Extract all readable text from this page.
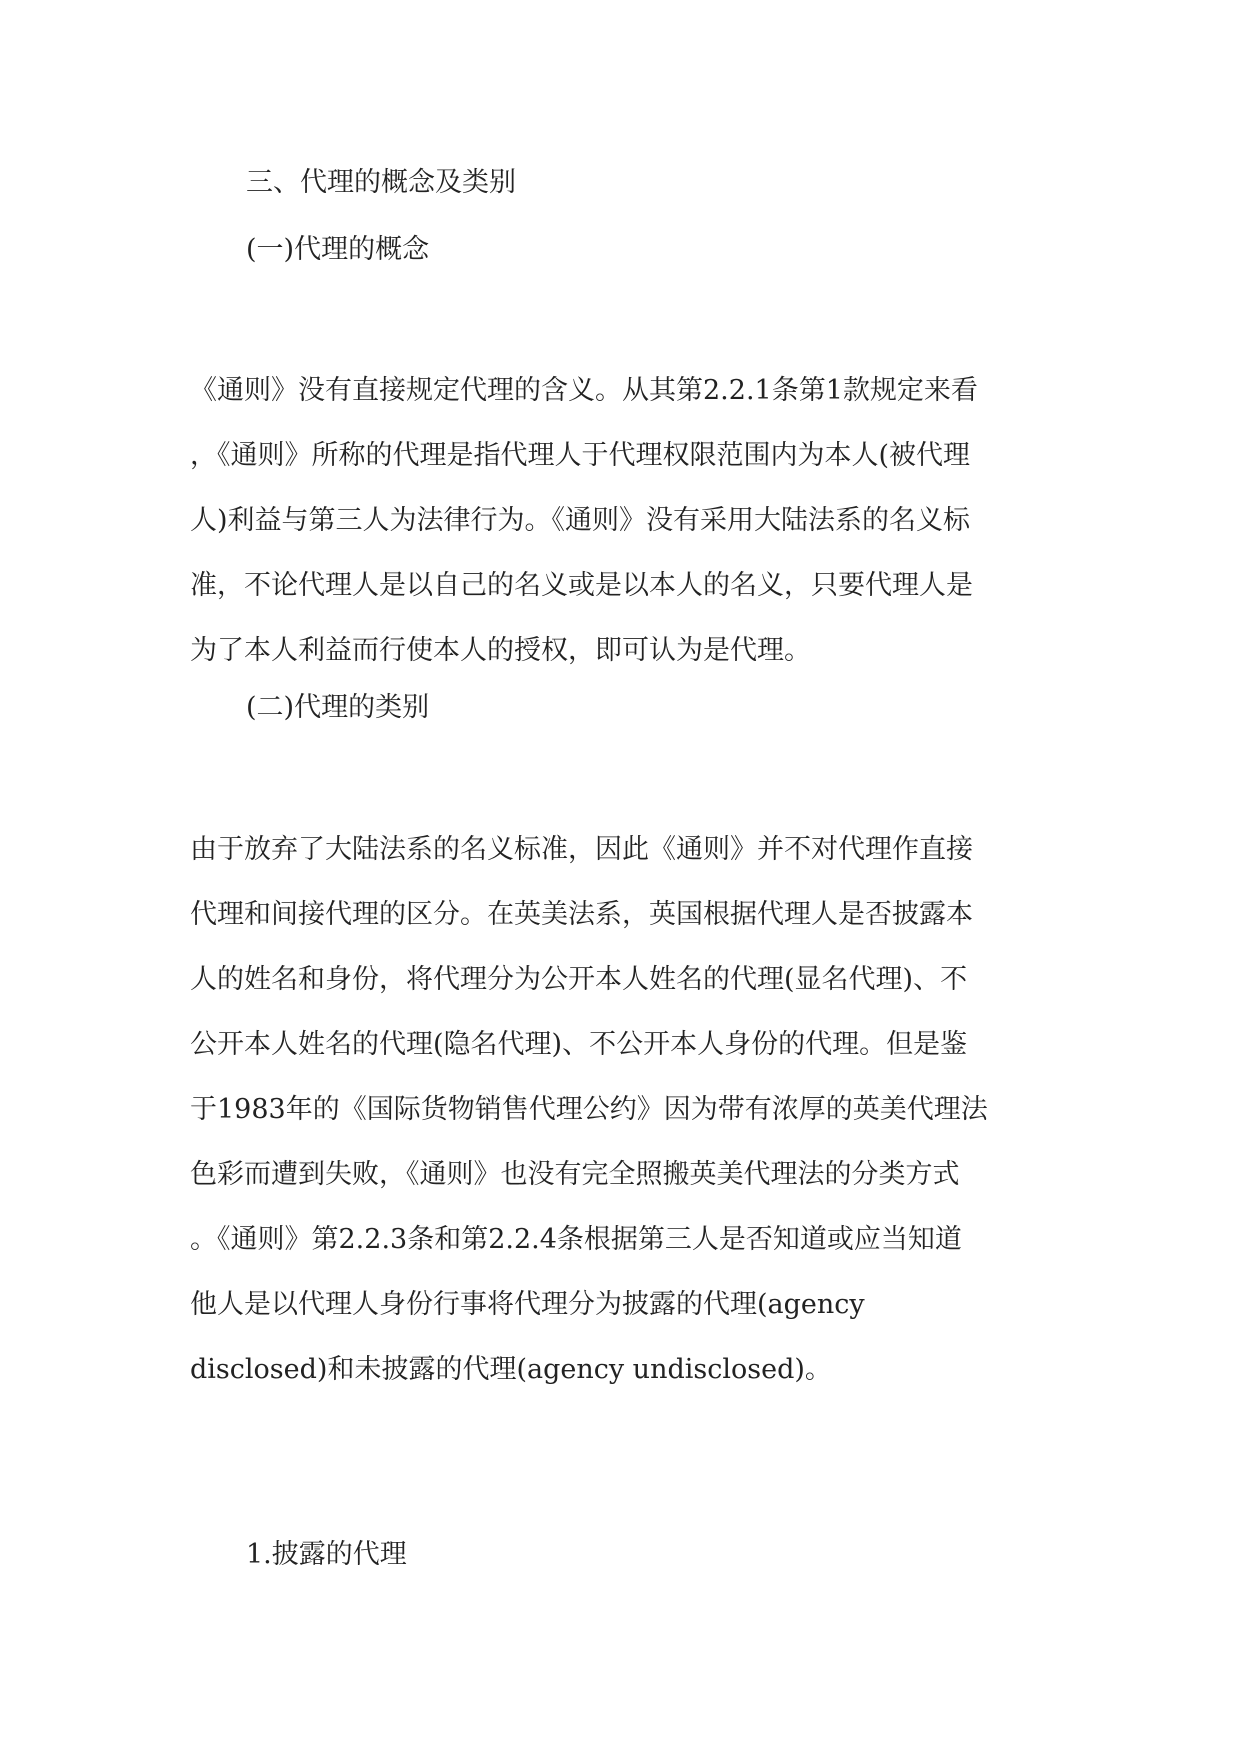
三、代理的概念及类别
(一)代理的概念
《通则》没有直接规定代理的含义。从其第2.2.1条第1款规定来看
，《通则》所称的代理是指代理人于代理权限范围内为本人(被代理
人)利益与第三人为法律行为。《通则》没有采用大陆法系的名义标
准，不论代理人是以自己的名义或是以本人的名义，只要代理人是
为了本人利益而行使本人的授权，即可认为是代理。
(二)代理的类别
由于放弃了大陆法系的名义标准，因此《通则》并不对代理作直接
代理和间接代理的区分。在英美法系，英国根据代理人是否披露本
人的姓名和身份，将代理分为公开本人姓名的代理(显名代理)、不
公开本人姓名的代理(隐名代理)、不公开本人身份的代理。但是鉴
于1983年的《国际货物销售代理公约》因为带有浓厚的英美代理法
色彩而遭到失败，《通则》也没有完全照搬英美代理法的分类方式
。《通则》第2.2.3条和第2.2.4条根据第三人是否知道或应当知道
他人是以代理人身份行事将代理分为披露的代理(agency
disclosed)和未披露的代理(agency undisclosed)。
1.披露的代理
